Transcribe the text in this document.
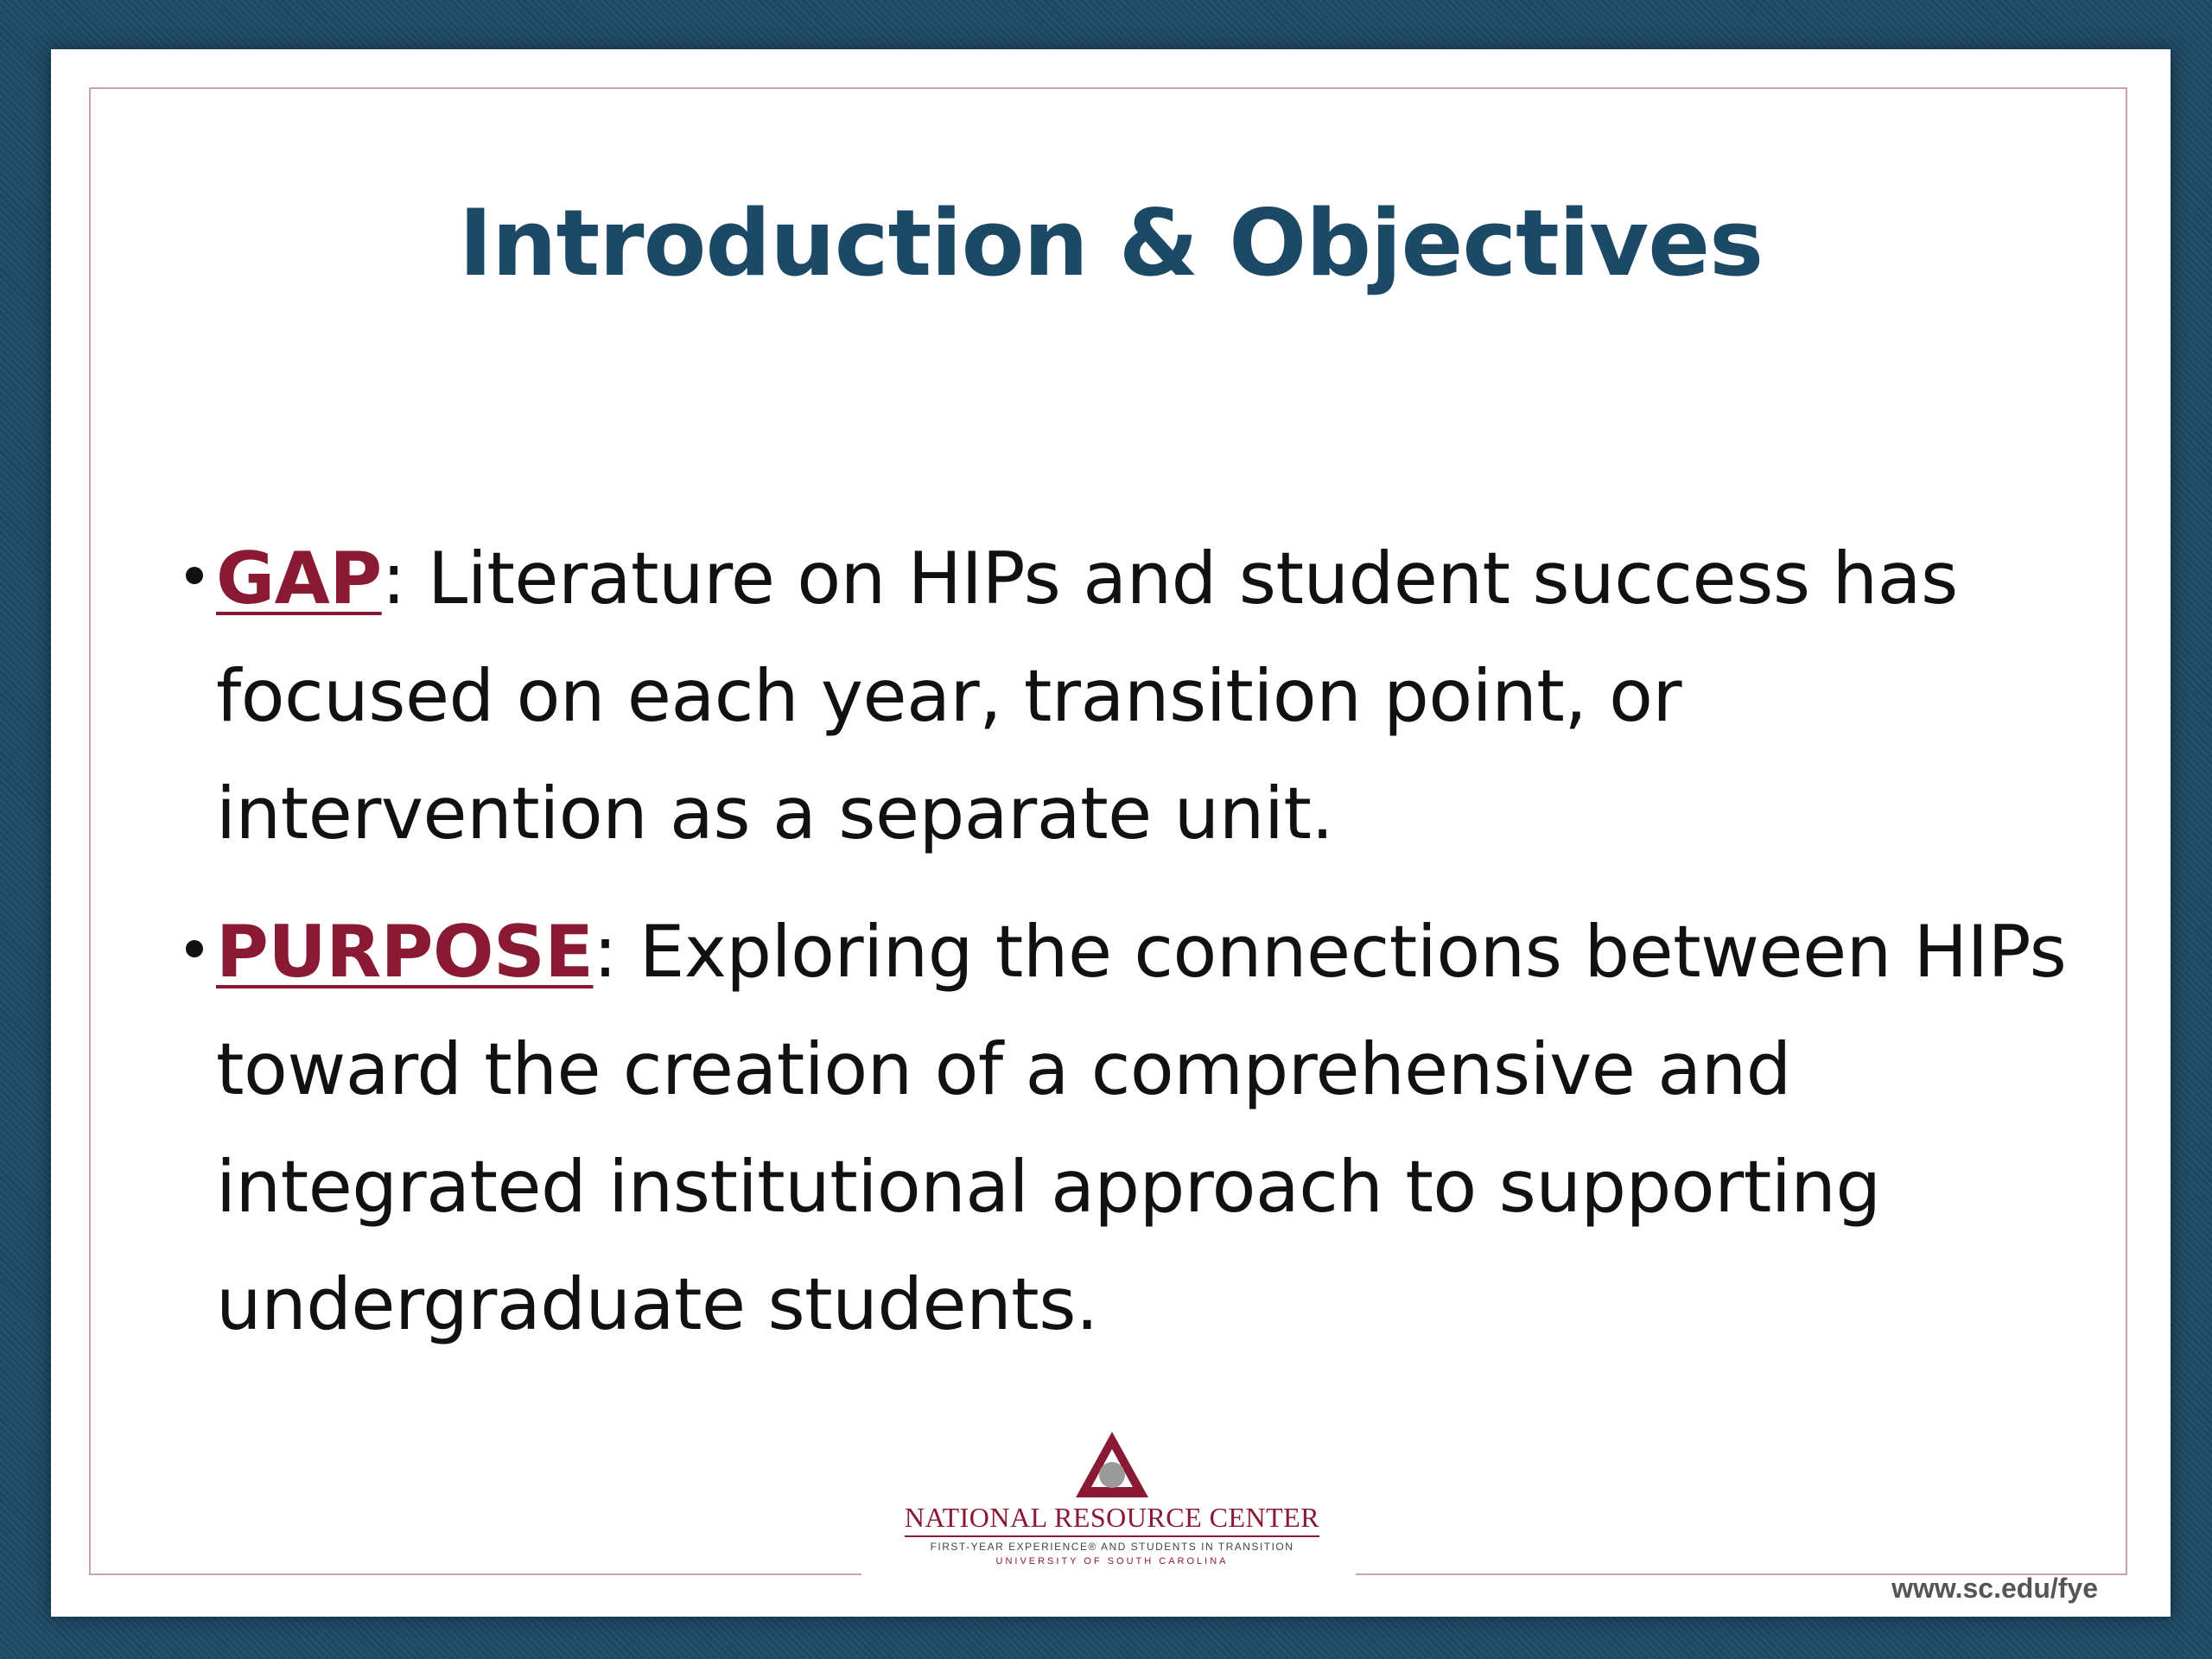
Introduction & Objectives
GAP: Literature on HIPs and student success has focused on each year, transition point, or intervention as a separate unit.
PURPOSE: Exploring the connections between HIPs toward the creation of a comprehensive and integrated institutional approach to supporting undergraduate students.
NATIONAL RESOURCE CENTER
FIRST-YEAR EXPERIENCE® AND STUDENTS IN TRANSITION
UNIVERSITY OF SOUTH CAROLINA
www.sc.edu/fye
